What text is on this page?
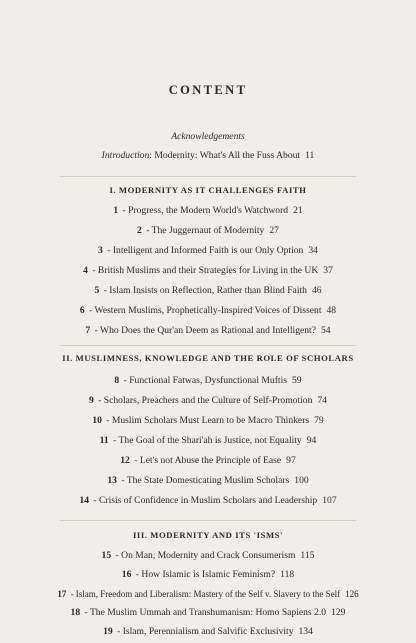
CONTENT
Acknowledgements
Introduction: Modernity: What's All the Fuss About 11
I. MODERNITY AS IT CHALLENGES FAITH
1 - Progress, the Modern World's Watchword 21
2 - The Juggernaut of Modernity 27
3 - Intelligent and Informed Faith is our Only Option 34
4 - British Muslims and their Strategies for Living in the UK 37
5 - Islam Insists on Reflection, Rather than Blind Faith 46
6 - Western Muslims, Prophetically-Inspired Voices of Dissent 48
7 - Who Does the Qur'an Deem as Rational and Intelligent? 54
II. MUSLIMNESS, KNOWLEDGE AND THE ROLE OF SCHOLARS
8 - Functional Fatwas, Dysfunctional Muftis 59
9 - Scholars, Preachers and the Culture of Self-Promotion 74
10 - Muslim Scholars Must Learn to be Macro Thinkers 79
11 - The Goal of the Shari'ah is Justice, not Equality 94
12 - Let's not Abuse the Principle of Ease 97
13 - The State Domesticating Muslim Scholars 100
14 - Crisis of Confidence in Muslim Scholars and Leadership 107
III. MODERNITY AND ITS 'ISMS'
15 - On Man, Modernity and Crack Consumerism 115
16 - How Islamic is Islamic Feminism? 118
17 - Islam, Freedom and Liberalism: Mastery of the Self v. Slavery to the Self 126
18 - The Muslim Ummah and Transhumanism: Homo Sapiens 2.0 129
19 - Islam, Perennialism and Salvific Exclusivity 134
